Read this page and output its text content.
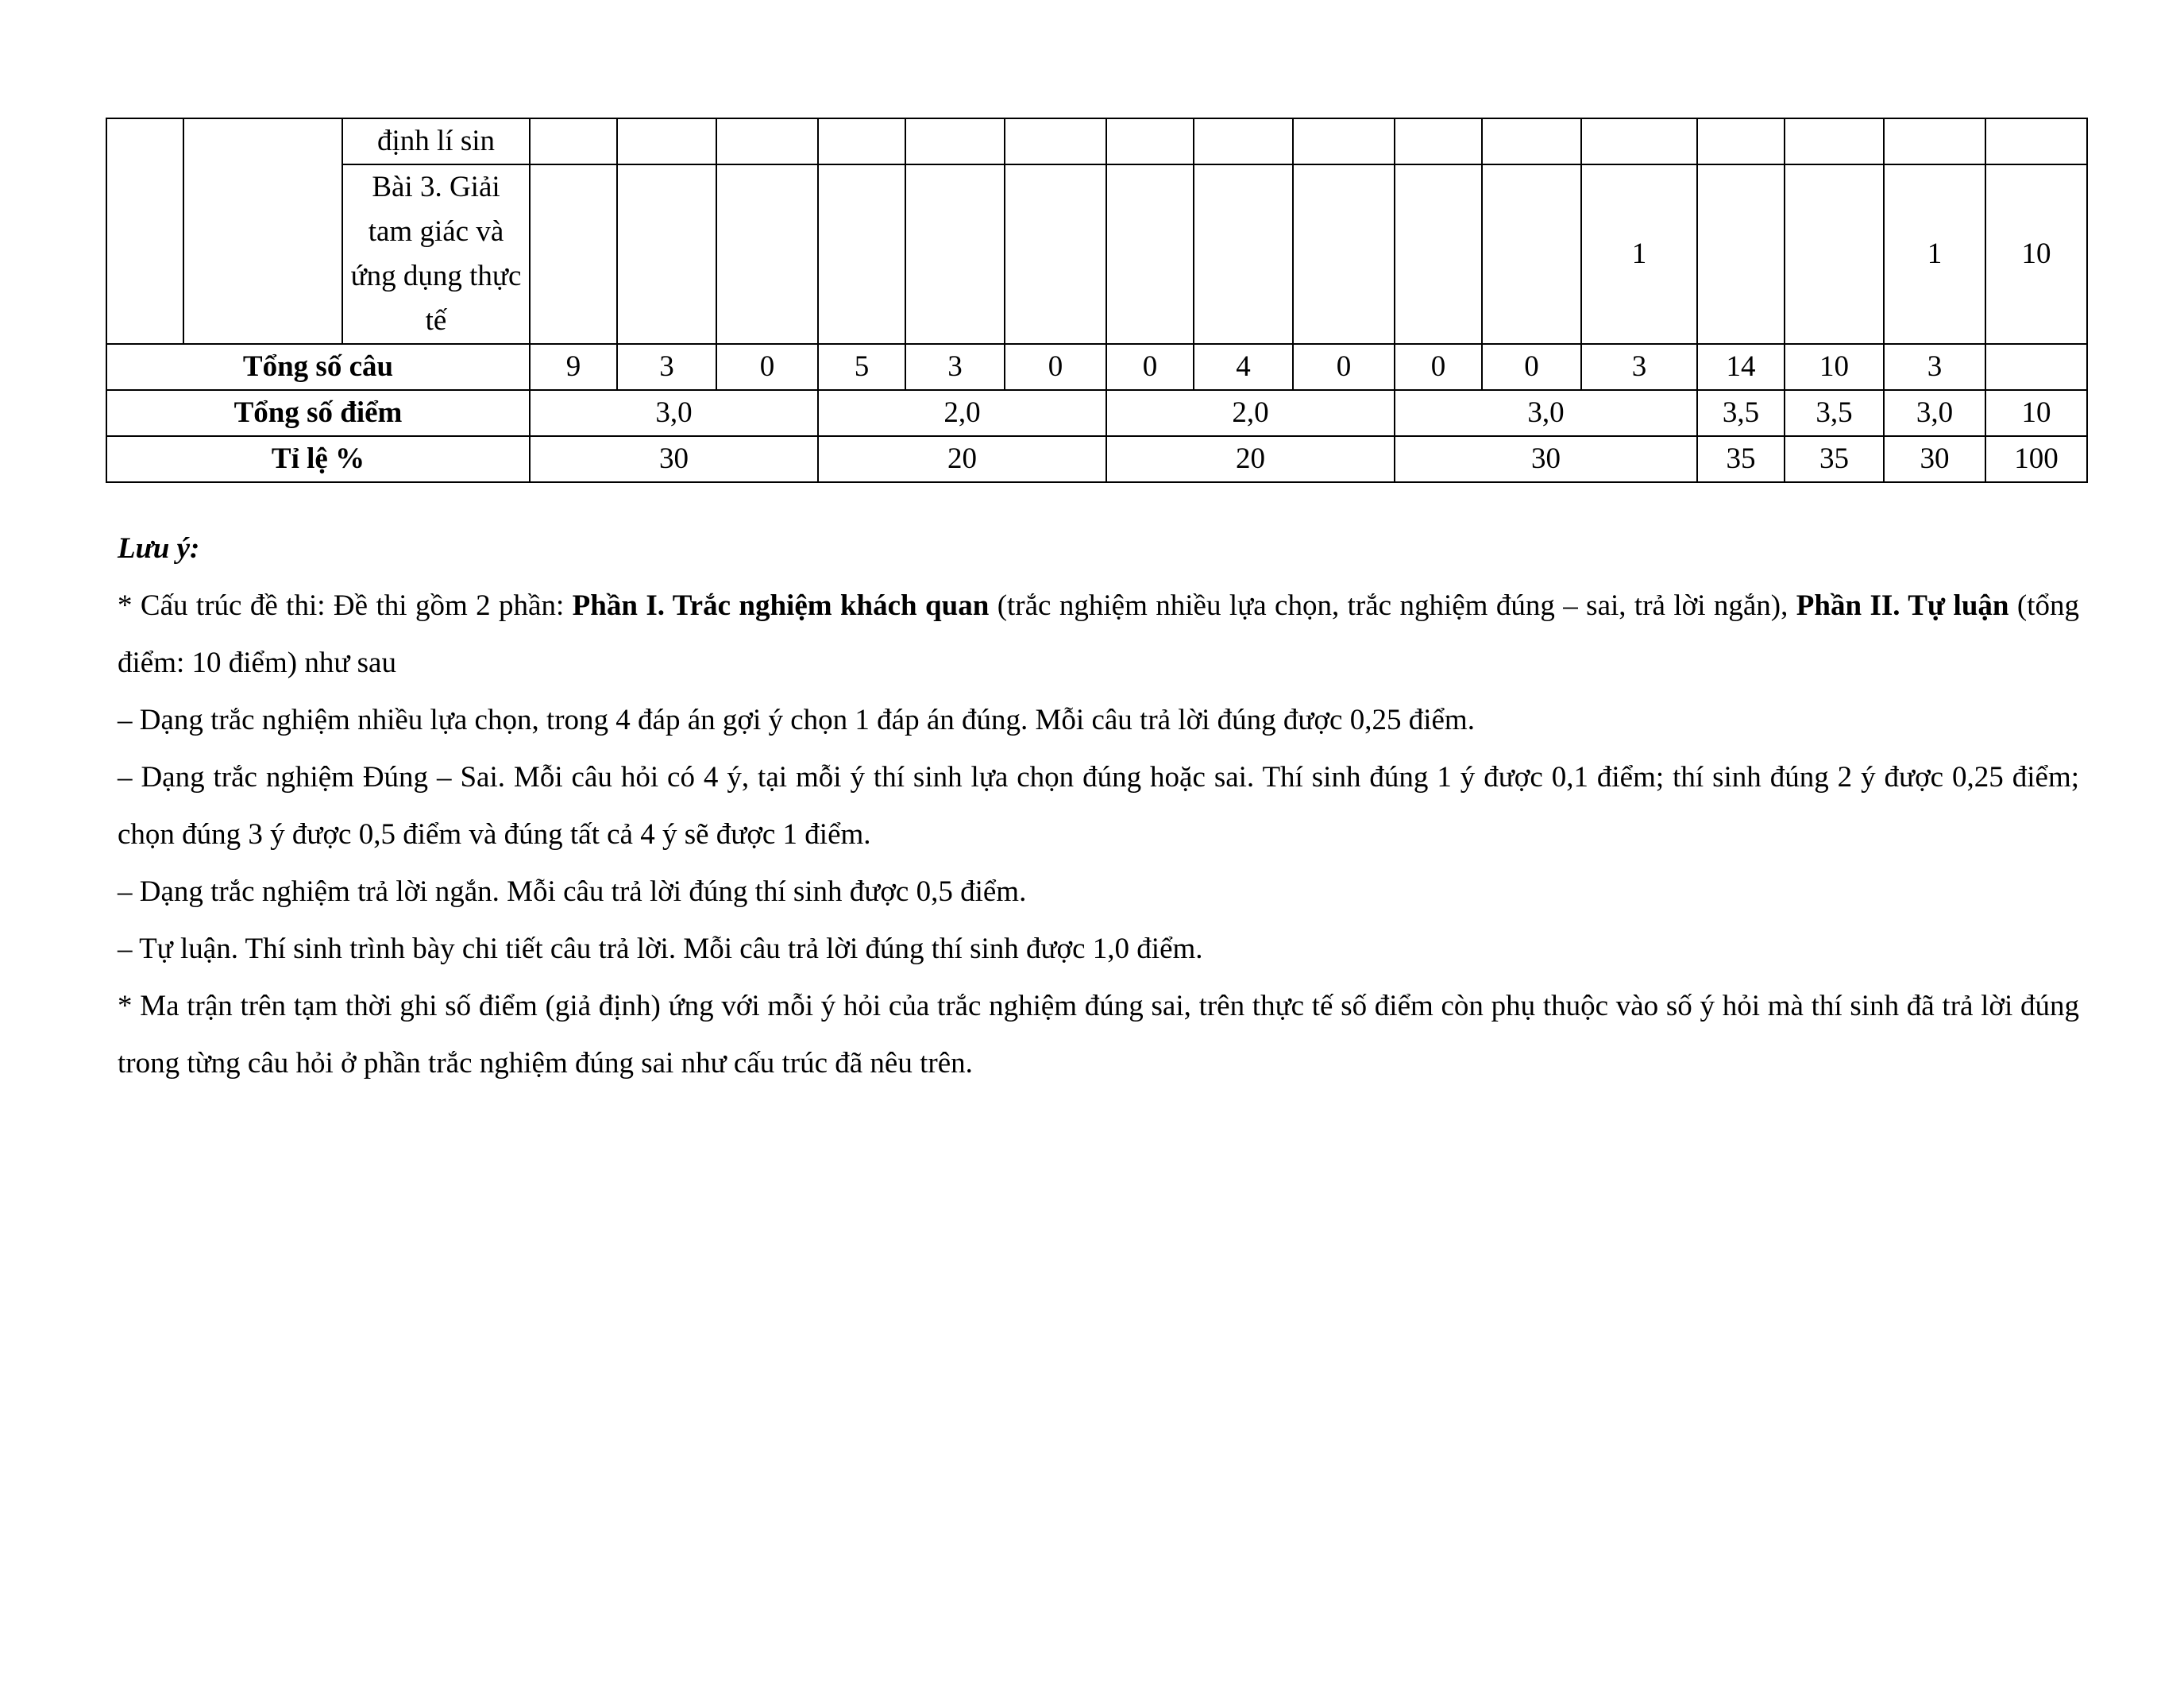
		định lí sin																
		Bài 3. Giải tam giác và ứng dụng thực tế												1			1	10
Tổng số câu			9	3	0	5	3	0	0	4	0	0	0	3	14	10	3	
Tổng số điểm			3,0			2,0			2,0			3,0			3,5	3,5	3,0	10
Tỉ lệ %			30			20			20			30			35	35	30	100

Lưu ý:

* Cấu trúc đề thi: Đề thi gồm 2 phần: Phần I. Trắc nghiệm khách quan (trắc nghiệm nhiều lựa chọn, trắc nghiệm đúng – sai, trả lời ngắn), Phần II. Tự luận (tổng điểm: 10 điểm) như sau

– Dạng trắc nghiệm nhiều lựa chọn, trong 4 đáp án gợi ý chọn 1 đáp án đúng. Mỗi câu trả lời đúng được 0,25 điểm.

– Dạng trắc nghiệm Đúng – Sai. Mỗi câu hỏi có 4 ý, tại mỗi ý thí sinh lựa chọn đúng hoặc sai. Thí sinh đúng 1 ý được 0,1 điểm; thí sinh đúng 2 ý được 0,25 điểm; chọn đúng 3 ý được 0,5 điểm và đúng tất cả 4 ý sẽ được 1 điểm.

– Dạng trắc nghiệm trả lời ngắn. Mỗi câu trả lời đúng thí sinh được 0,5 điểm.

– Tự luận. Thí sinh trình bày chi tiết câu trả lời. Mỗi câu trả lời đúng thí sinh được 1,0 điểm.

* Ma trận trên tạm thời ghi số điểm (giả định) ứng với mỗi ý hỏi của trắc nghiệm đúng sai, trên thực tế số điểm còn phụ thuộc vào số ý hỏi mà thí sinh đã trả lời đúng trong từng câu hỏi ở phần trắc nghiệm đúng sai như cấu trúc đã nêu trên.
